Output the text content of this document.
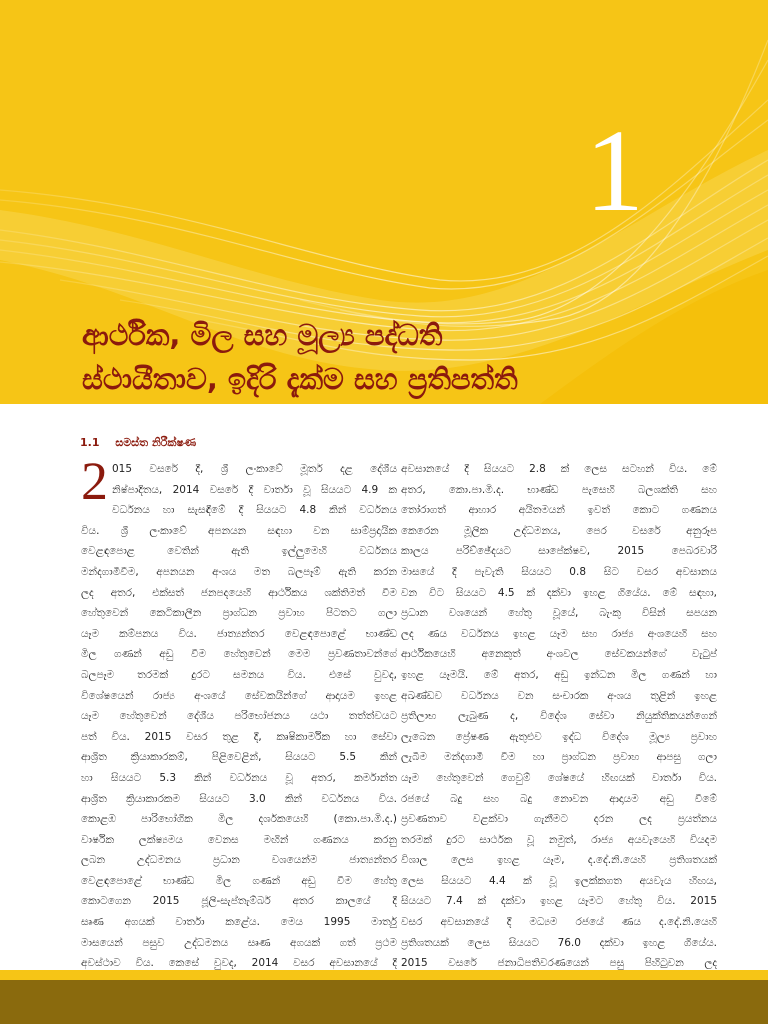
1
ආර්ථික, මිල සහ මූල්‍ය පද්ධති
ස්ථායීතාව, ඉදිරි දැක්ම සහ ප්‍රතිපත්ති
1.1 සමස්ත නිරීක්ෂණ
2 015 වසරේ දී, ශ්‍රී ලංකාවේ මූර්ත දළ දේශීය
නිෂ්පාදිතය, 2014 වසරේ දී වාර්තා වූ සියයට 4.9 ක
වර්ධනය හා සැසඳීමේ දී සියයට 4.8 කින් වර්ධනය
විය. ශ්‍රී ලංකාවේ අපනයන සඳහා වන සාම්ප්‍රදායික
වෙළඳපොළ වෙතින් ඇති ඉල්ලුමෙහි වර්ධනය
මන්දගාමීවීම, අපනයන අංශය මත බලපෑම් ඇති කරන
ලද අතර, එක්සත් ජනපදයෙහි ආර්ථිකය ශක්තිමත් වීම
හේතුවෙන් කෙටිකාලීන ප්‍රාග්ධන ප්‍රවාහ පිටතට ගලා
යෑම කම්පනය විය. ජාත්‍යන්තර වෙළඳපොළේ භාණ්ඩ
මිල ගණන් අඩු වීම හේතුවෙන් මෙම ප්‍රවණතාවන්ගේ
බලපෑම තරමක් දුරට සමනය විය. එසේ වුවද,
විශේෂයෙන් රාජ්‍ය අංශයේ සේවකයින්ගේ ආදායම ඉහළ
යෑම හේතුවෙන් දේශීය පරිභෝජනය යථා තත්ත්වයට
පත් විය. 2015 වසර තුළ දී, කෘෂිකාර්මික හා සේවා
ආශ්‍රිත ක්‍රියාකාරකම්, පිළිවෙළින්, සියයට 5.5 කින්
හා සියයට 5.3 කින් වර්ධනය වූ අතර, කර්මාන්ත
ආශ්‍රිත ක්‍රියාකාරකම සියයට 3.0 කින් වර්ධනය විය.
කොළඹ පාරිභෝගික මිල දර්ශකයෙහි (කො.පා.මි.ද.)
වාර්ෂික ලක්ෂ්‍යමය වෙනස මඟින් ගණනය කරනු
ලබන උද්ධමනය ප්‍රධාන වශයෙන්ම ජාත්‍යන්තර
වෙළඳපොළේ භාණ්ඩ මිල ගණන් අඩු වීම හේතු
කොටගෙන 2015 ජූලි-සැප්තැම්බර් අතර කාලයේ දී
සෘණ අගයක් වාර්තා කළේය. මෙය 1995 මාර්තු
මාසයෙන් පසුව උද්ධමනය සෘණ අගයක් ගත් ප්‍රථම
අවස්ථාව විය. කෙසේ වුවද, 2014 වසර අවසානයේ දී
අවසානයේ දී සියයට 2.8 ක් ලෙස සටහන් විය. මේ
අතර, කො.පා.මි.ද. භාණ්ඩ පැසෙහි බලශක්ති සහ
තෝරාගත් ආහාර අයිතමයන් ඉවත් කොට ගණනය
කෙරෙන මූලික උද්ධමනය, පෙර වසරේ අනුරූප
කාලය පරිච්ඡේදයට සාපේක්ෂව, 2015 පෙබරවාරි
මාසයේ දී පැවැති සියයට 0.8 සිට වසර අවසානය
වන විට සියයට 4.5 ක් දක්වා ඉහළ ගියේය. මේ සඳහා,
ප්‍රධාන වශයෙන් හේතු වූයේ, බැංකු විසින් සපයන
ලද ණය වර්ධනය ඉහළ යෑම සහ රාජ්‍ය අංශයෙහි සහ
ආර්ථිකයෙහි අනෙකුත් අංශවල සේවකයන්ගේ වැටුප්
ඉහළ යෑමයි. මේ අතර, අඩු ඉන්ධන මිල ගණන් හා
අඛණ්ඩව වර්ධනය වන සංචාරක අංශය තුළින් ඉහළ
ප්‍රතිලාභ ලැබුණ ද, විදේශ සේවා නියුක්තිකයන්ගෙන්
ලැබෙන ප්‍රේෂණ ඇතුළුව ඉද්ධ විදේශ මූල්‍ය ප්‍රවාහ
ලැබීම මන්දගාමී වීම හා ප්‍රාග්ධන ප්‍රවාහ ආපසු ගලා
යෑම හේතුවෙන් ගෙවුම් ශේෂයේ හිඟයක් වාර්තා විය.
රජයේ බදු සහ බදු නොවන ආදායම අඩු වීමේ
ප්‍රවණතාව වළක්වා ගැනීමට දරන ලද ප්‍රයත්නය
තරමක් දුරට සාර්ථක වූ නමුත්, රාජ්‍ය අයවැයෙහි වියදම
විශාල ලෙස ඉහළ යෑම, ද.දේ.නි.යෙහි ප්‍රතිශතයක්
ලෙස සියයට 4.4 ක් වූ ඉලක්කගත අයවැය හිඟය,
සියයට 7.4 ක් දක්වා ඉහළ යෑමට හේතු විය. 2015
වසර අවසානයේ දී මධ්‍යම රජයේ ණය ද.දේ.නි.යෙහි
ප්‍රතිශතයක් ලෙස සියයට 76.0 දක්වා ඉහළ ගියේය.
2015 වසරේ ජනාධිපතිවරණයෙන් පසු පිහිටුවන ලද
